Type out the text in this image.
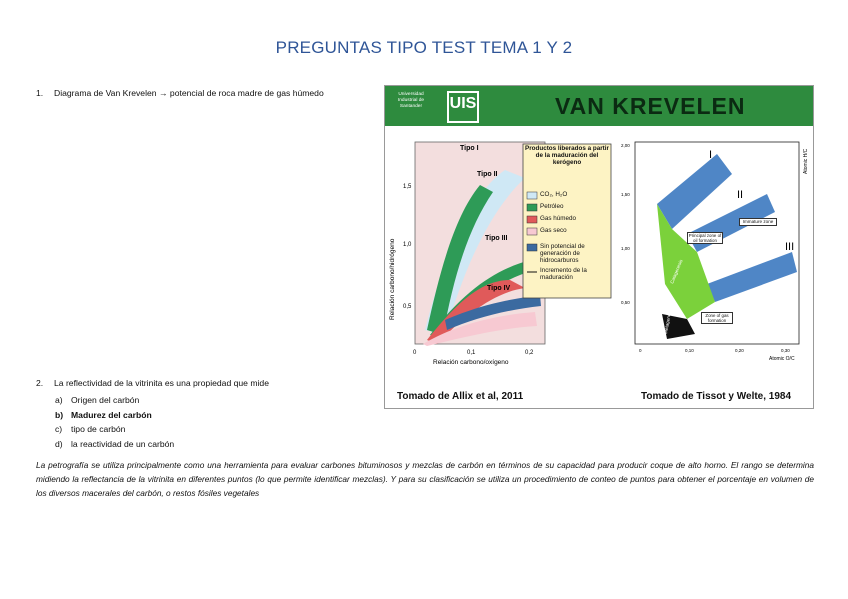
PREGUNTAS TIPO TEST TEMA 1 Y 2
1. Diagrama de Van Krevelen → potencial de roca madre de gas húmedo
2. La reflectividad de la vitrinita es una propiedad que mide
a) Origen del carbón
b) Madurez del carbón
c) tipo de carbón
d) la reactividad de un carbón
La petrografía se utiliza principalmente como una herramienta para evaluar carbones bituminosos y mezclas de carbón en términos de su capacidad para producir coque de alto horno. El rango se determina midiendo la reflectancia de la vitrinita en diferentes puntos (lo que permite identificar mezclas). Y para su clasificación se utiliza un procedimiento de conteo de puntos para obtener el porcentaje en volumen de los diversos macerales del carbón, o restos fósiles vegetales
Universidad Industrial de Santander	UIS	VAN KREVELEN
Tipo I
Tipo II
Tipo III
Tipo IV
1,5
1,0
0,5
0	0,1	0,2
Relación carbono/oxígeno
Relación carbono/hidrógeno
Productos liberados a partir de la maduración del kerógeno
CO₂, H₂O
Petróleo
Gas húmedo
Gas seco
Sin potencial de generación de hidrocarburos
Incremento de la maduración
I
II
III
Diagenesis
Immature zone
Principal zone of oil formation
Zone of gas formation
Catagenesis
Metagenesis
2,00
1,50
1,00
0,50
0	0,10	0,20	0,30
Atomic O/C
Atomic H/C
Tomado de Allix et al, 2011	Tomado de Tissot y Welte, 1984
